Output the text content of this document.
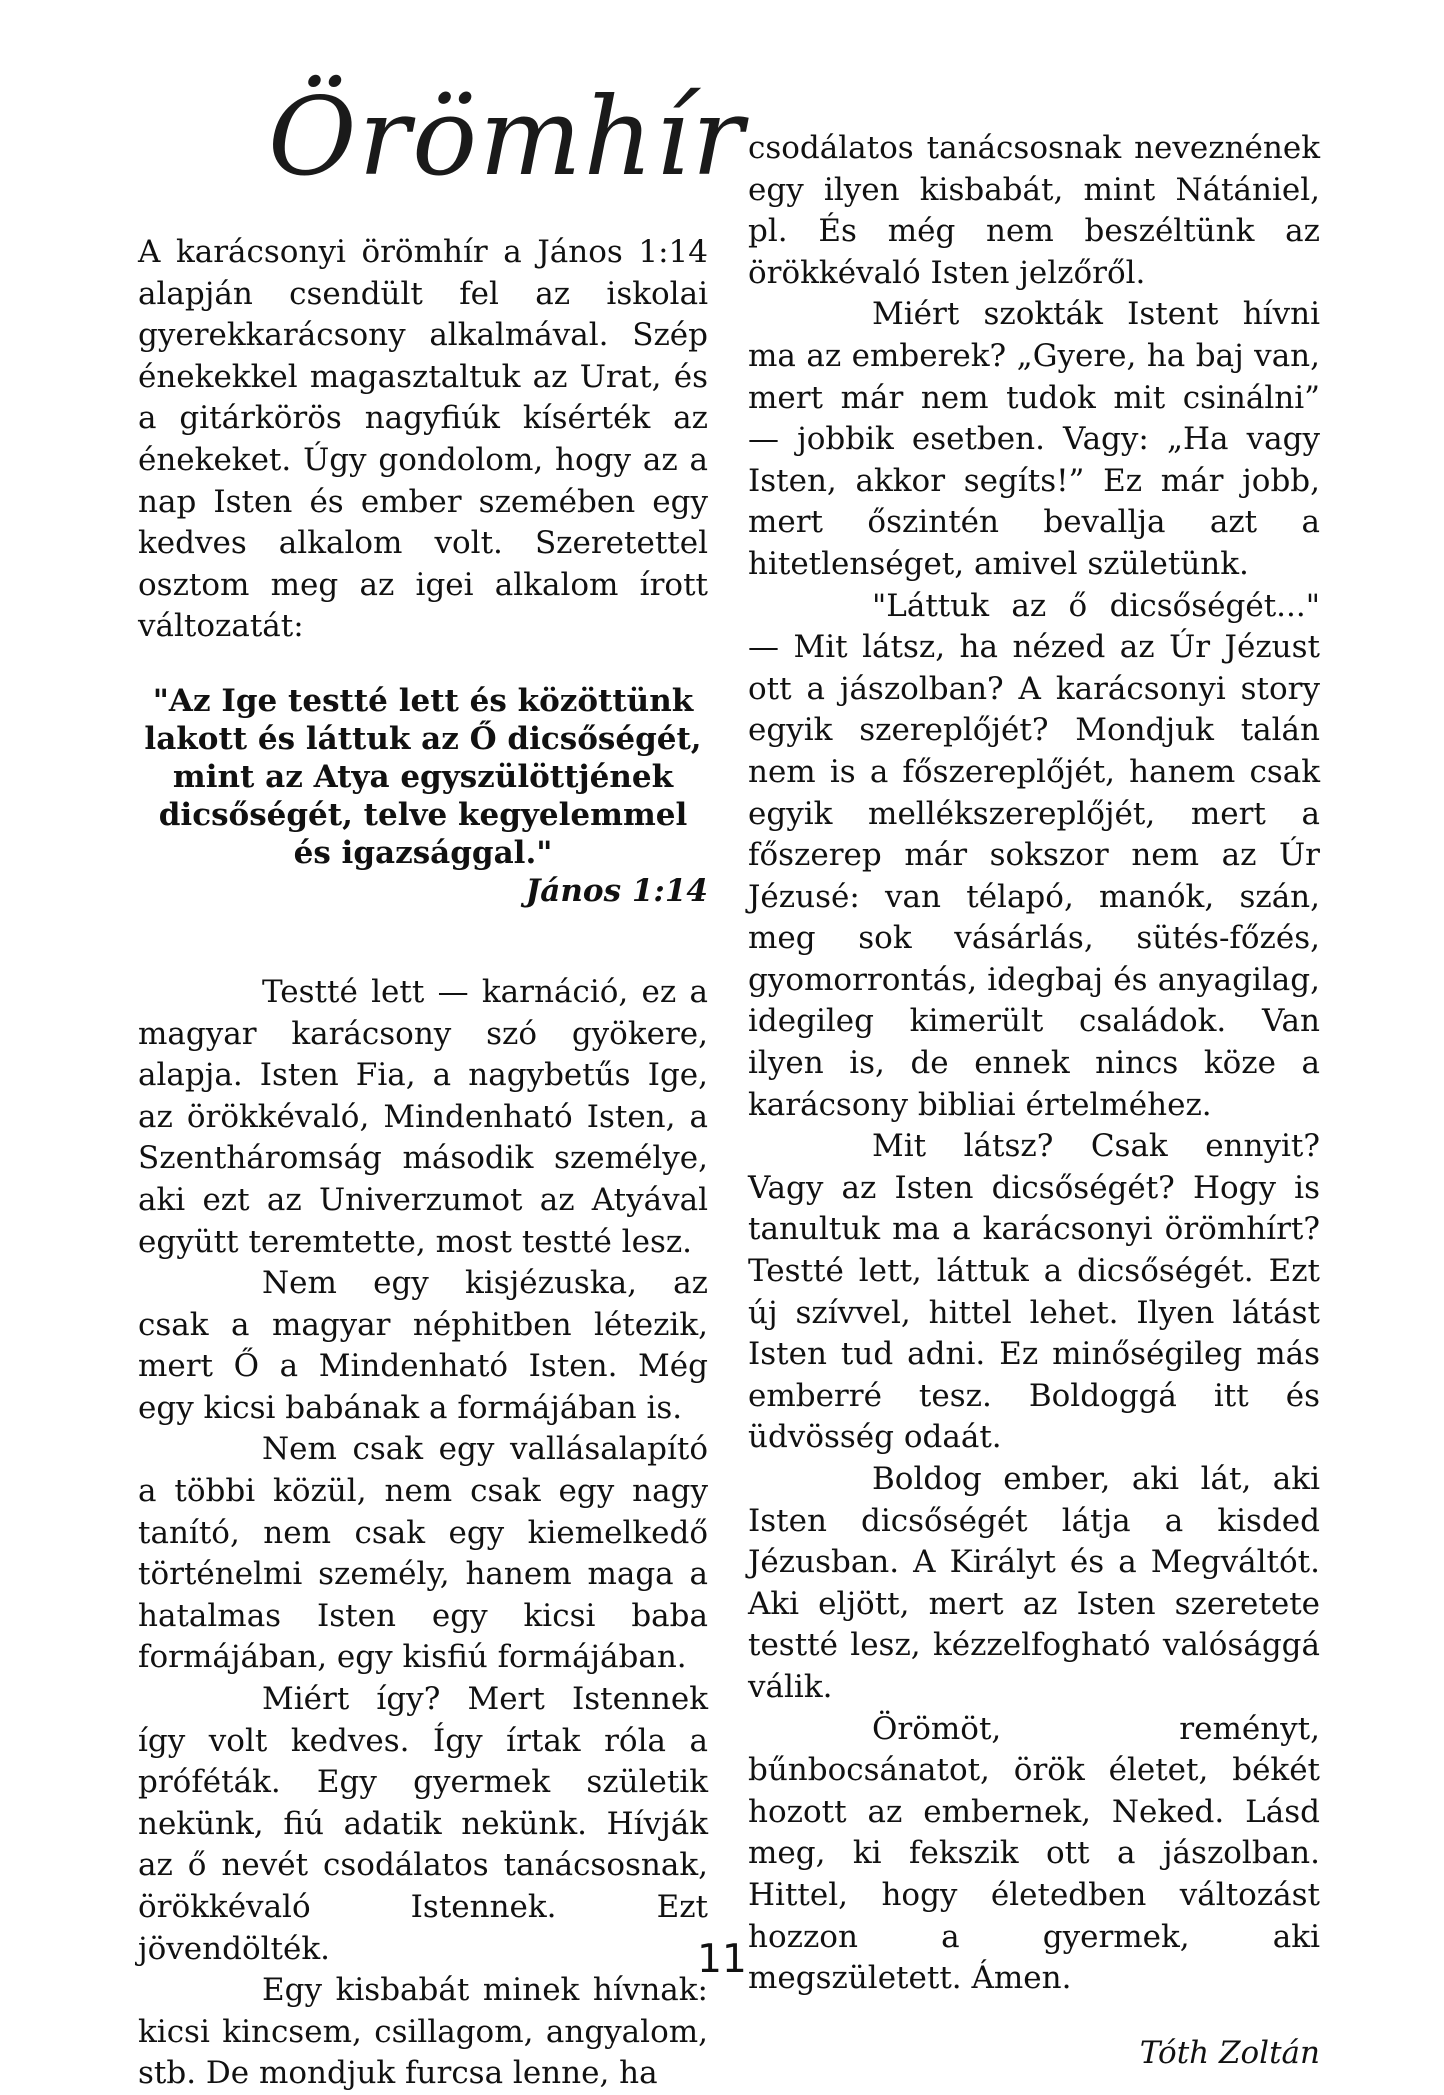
Örömhír

A karácsonyi örömhír a János 1:14 alapján csendült fel az iskolai gyerekkarácsony alkalmával. Szép énekekkel magasztaltuk az Urat, és a gitárkörös nagyfiúk kísérték az énekeket. Úgy gondolom, hogy az a nap Isten és ember szemében egy kedves alkalom volt. Szeretettel osztom meg az igei alkalom írott változatát:

"Az Ige testté lett és közöttünk lakott és láttuk az Ő dicsőségét, mint az Atya egyszülöttjének dicsőségét, telve kegyelemmel és igazsággal."
János 1:14

Testté lett — karnáció, ez a magyar karácsony szó gyökere, alapja. Isten Fia, a nagybetűs Ige, az örökkévaló, Mindenható Isten, a Szentháromság második személye, aki ezt az Univerzumot az Atyával együtt teremtette, most testté lesz.

Nem egy kisjézuska, az csak a magyar néphitben létezik, mert Ő a Mindenható Isten. Még egy kicsi babának a formájában is.

Nem csak egy vallásalapító a többi közül, nem csak egy nagy tanító, nem csak egy kiemelkedő történelmi személy, hanem maga a hatalmas Isten egy kicsi baba formájában, egy kisfiú formájában.

Miért így? Mert Istennek így volt kedves. Így írtak róla a próféták. Egy gyermek születik nekünk, fiú adatik nekünk. Hívják az ő nevét csodálatos tanácsosnak, örökkévaló Istennek. Ezt jövendölték.

Egy kisbabát minek hívnak: kicsi kincsem, csillagom, angyalom, stb. De mondjuk furcsa lenne, ha

csodálatos tanácsosnak neveznének egy ilyen kisbabát, mint Nátániel, pl. És még nem beszéltünk az örökkévaló Isten jelzőről.

Miért szokták Istent hívni ma az emberek? „Gyere, ha baj van, mert már nem tudok mit csinálni” — jobbik esetben. Vagy: „Ha vagy Isten, akkor segíts!” Ez már jobb, mert őszintén bevallja azt a hitetlenséget, amivel születünk.

"Láttuk az ő dicsőségét..." — Mit látsz, ha nézed az Úr Jézust ott a jászolban? A karácsonyi story egyik szereplőjét? Mondjuk talán nem is a főszereplőjét, hanem csak egyik mellékszereplőjét, mert a főszerep már sokszor nem az Úr Jézusé: van télapó, manók, szán, meg sok vásárlás, sütés-főzés, gyomorrontás, idegbaj és anyagilag, idegileg kimerült családok. Van ilyen is, de ennek nincs köze a karácsony bibliai értelméhez.

Mit látsz? Csak ennyit? Vagy az Isten dicsőségét? Hogy is tanultuk ma a karácsonyi örömhírt? Testté lett, láttuk a dicsőségét. Ezt új szívvel, hittel lehet. Ilyen látást Isten tud adni. Ez minőségileg más emberré tesz. Boldoggá itt és üdvösség odaát.

Boldog ember, aki lát, aki Isten dicsőségét látja a kisded Jézusban. A Királyt és a Megváltót. Aki eljött, mert az Isten szeretete testté lesz, kézzelfogható valósággá válik.

Örömöt, reményt, bűnbocsánatot, örök életet, békét hozott az embernek, Neked. Lásd meg, ki fekszik ott a jászolban. Hittel, hogy életedben változást hozzon a gyermek, aki megszületett. Ámen.

Tóth Zoltán
11
